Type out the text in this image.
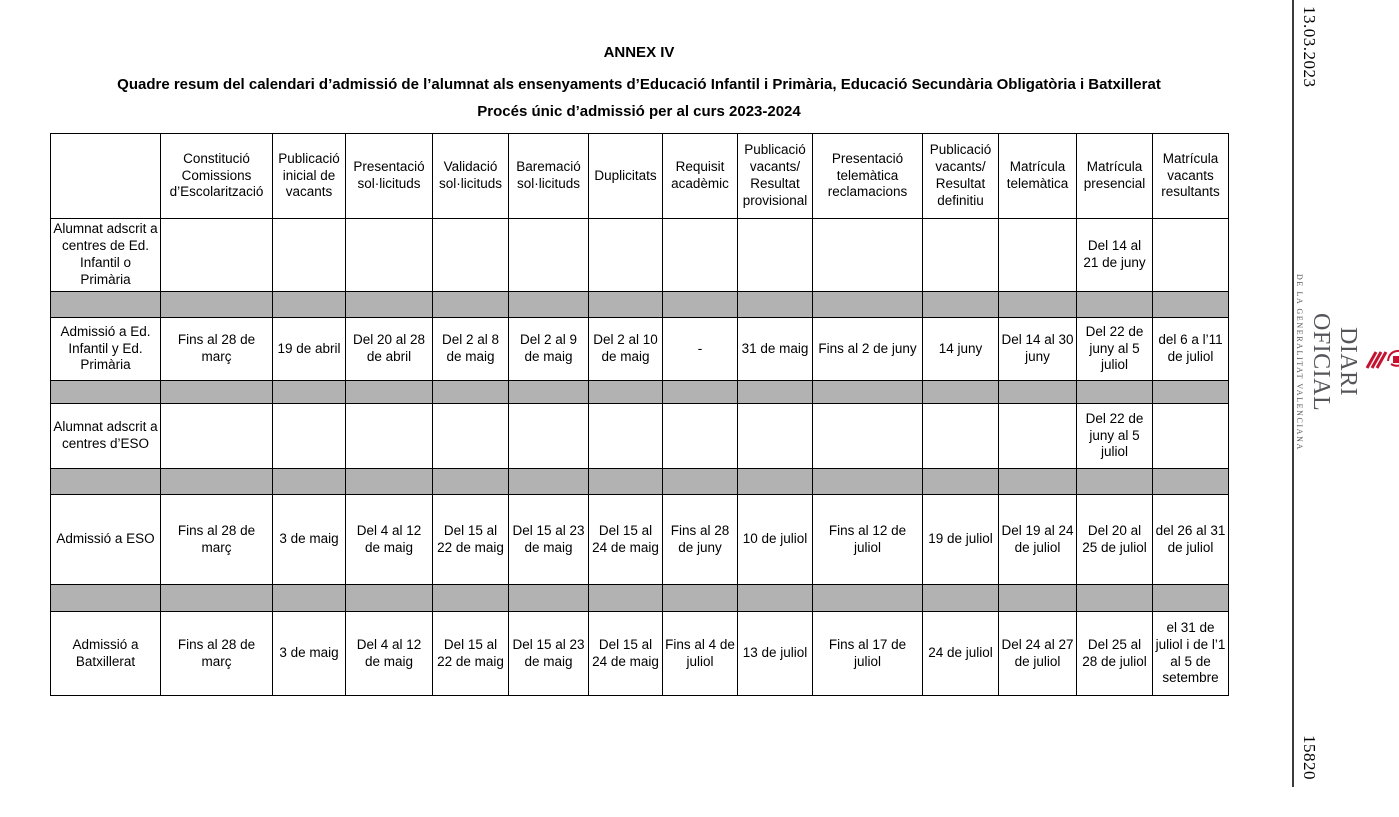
ANNEX IV
Quadre resum del calendari d’admissió de l’alumnat als ensenyaments d’Educació Infantil i Primària, Educació Secundària Obligatòria i Batxillerat
Procés únic d’admissió per al curs 2023-2024
	Constitució Comissions d’Escolarització	Publicació inicial de vacants	Presentació sol·licituds	Validació sol·licituds	Baremació sol·licituds	Duplicitats	Requisit acadèmic	Publicació vacants/ Resultat provisional	Presentació telemàtica reclamacions	Publicació vacants/ Resultat definitiu	Matrícula telemàtica	Matrícula presencial	Matrícula vacants resultants
Alumnat adscrit a centres de Ed. Infantil o Primària												Del 14 al 21 de juny	

Admissió a Ed. Infantil y Ed. Primària	Fins al 28 de març	19 de abril	Del 20 al 28 de abril	Del 2 al 8 de maig	Del 2 al 9 de maig	Del 2 al 10 de maig	-	31 de maig	Fins al 2 de juny	14 juny	Del 14 al 30 juny	Del 22 de juny al 5 juliol	del 6 a l’11 de juliol

Alumnat adscrit a centres d’ESO												Del 22 de juny al 5 juliol	

Admissió a ESO	Fins al 28 de març	3 de maig	Del 4 al 12 de maig	Del 15 al 22 de maig	Del 15 al 23 de maig	Del 15 al 24 de maig	Fins al 28 de juny	10 de juliol	Fins al 12 de juliol	19 de juliol	Del 19 al 24 de juliol	Del 20 al 25 de juliol	del 26 al 31 de juliol

Admissió a Batxillerat	Fins al 28 de març	3 de maig	Del 4 al 12 de maig	Del 15 al 22 de maig	Del 15 al 23 de maig	Del 15 al 24 de maig	Fins al 4 de juliol	13 de juliol	Fins al 17 de juliol	24 de juliol	Del 24 al 27 de juliol	Del 25 al 28 de juliol	el 31 de juliol i de l’1 al 5 de setembre
13.03.2023
DE LA GENERALITAT VALENCIANA	DIARI OFICIAL
15820
